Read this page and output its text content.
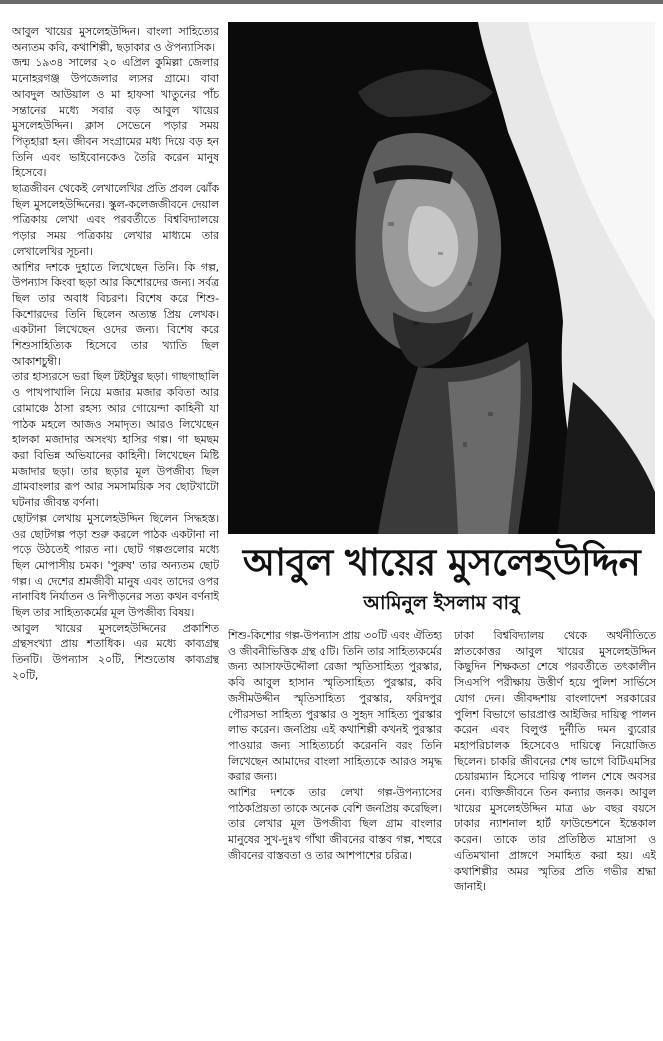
আবুল খায়ের মুসলেহউদ্দিন। বাংলা সাহিত্যের অন্যতম কবি, কথাশিল্পী, ছড়াকার ও ঔপন্যাসিক।

জন্ম ১৯৩৪ সালের ২০ এপ্রিল কুমিল্লা জেলার মনোহরগঞ্জ উপজেলার ল্যসর গ্রামে। বাবা আবদুল আউয়াল ও মা হাফসা খাতুনের পাঁচ সন্তানের মধ্যে সবার বড় আবুল খায়ের মুসলেহউদ্দিন। ক্লাস সেভেনে পড়ার সময় পিতৃহারা হন। জীবন সংগ্রামের মধ্য দিয়ে বড় হন তিনি এবং ভাইবোনকেও তৈরি করেন মানুষ হিসেবে।

ছাত্রজীবন থেকেই লেখালেখির প্রতি প্রবল ঝোঁক ছিল মুসলেহউদ্দিনের। স্কুল-কলেজজীবনে দেয়াল পত্রিকায় লেখা এবং পরবর্তীতে বিশ্ববিদ্যালয়ে পড়ার সময় পত্রিকায় লেখার মাধ্যমে তার লেখালেখির সূচনা।

আশির দশকে দুহাতে লিখেছেন তিনি। কি গল্প, উপন্যাস কিংবা ছড়া আর কিশোরদের জন্য। সর্বত্র ছিল তার অবাধ বিচরণ। বিশেষ করে শিশু-কিশোরদের তিনি ছিলেন অত্যন্ত প্রিয় লেখক। একটানা লিখেছেন ওদের জন্য। বিশেষ করে শিশুসাহিত্যিক হিসেবে তার খ্যাতি ছিল আকাশচুম্বী।

তার হাস্যরসে ভরা ছিল টইটম্বুর ছড়া। গাছগাছালি ও পাখপাখালি নিয়ে মজার মজার কবিতা আর রোমাঞ্চে ঠাসা রহস্য আর গোয়েন্দা কাহিনী যা পাঠক মহলে আজও সমাদৃত। আরও লিখেছেন হালকা মজাদার অসংখ্য হাসির গল্প। গা ছমছম করা বিভিন্ন অভিযানের কাহিনী। লিখেছেন মিষ্টি মজাদার ছড়া। তার ছড়ার মূল উপজীব্য ছিল গ্রামবাংলার রূপ আর সমসাময়িক সব ছোটখাটো ঘটনার জীবন্ত বর্ণনা।

ছোটগল্প লেখায় মুসলেহউদ্দিন ছিলেন সিদ্ধহস্ত। ওর ছোটগল্প পড়া শুরু করলে পাঠক একটানা না পড়ে উঠতেই পারত না। ছোট গল্পগুলোর মধ্যে ছিল মোপাসীয় চমক। 'পুরুষ' তার অন্যতম ছোট গল্প। এ দেশের শ্রমজীবী মানুষ এবং তাদের ওপর নানাবিধ নির্যাতন ও নিপীড়নের সত্য কথন বর্ণনাই ছিল তার সাহিত্যকর্মের মূল উপজীব্য বিষয়।

আবুল খায়ের মুসলেহউদ্দিনের প্রকাশিত গ্রন্থসংখ্যা প্রায় শতাধিক। এর মধ্যে কাব্যগ্রন্থ তিনটি। উপন্যাস ২০টি, শিশুতোষ কাব্যগ্রন্থ ২০টি,

আবুল খায়ের মুসলেহউদ্দিন
আমিনুল ইসলাম বাবু

শিশু-কিশোর গল্প-উপন্যাস প্রায় ৩০টি এবং ঐতিহ্য ও জীবনীভিত্তিক গ্রন্থ ৫টি। তিনি তার সাহিত্যকর্মের জন্য আসাফউদ্দৌলা রেজা স্মৃতিসাহিত্য পুরস্কার, কবি আবুল হাসান স্মৃতিসাহিত্য পুরস্কার, কবি জসীমউদ্দীন স্মৃতিসাহিত্য পুরস্কার, ফরিদপুর পৌরসভা সাহিত্য পুরস্কার ও সুহৃদ সাহিত্য পুরস্কার লাভ করেন। জনপ্রিয় এই কথাশিল্পী কখনই পুরস্কার পাওয়ার জন্য সাহিত্যচর্চা করেননি বরং তিনি লিখেছেন আমাদের বাংলা সাহিত্যকে আরও সমৃদ্ধ করার জন্য।

আশির দশকে তার লেখা গল্প-উপন্যাসের পাঠকপ্রিয়তা তাকে অনেক বেশি জনপ্রিয় করেছিল। তার লেখার মূল উপজীব্য ছিল গ্রাম বাংলার মানুষের সুখ-দুঃখ গাঁথা জীবনের বাস্তব গল্প, শহুরে জীবনের বাস্তবতা ও তার আশপাশের চরিত্র।

ঢাকা বিশ্ববিদ্যালয় থেকে অর্থনীতিতে স্নাতকোত্তর আবুল খায়ের মুসলেহউদ্দিন কিছুদিন শিক্ষকতা শেষে পরবর্তীতে তৎকালীন সিএসপি পরীক্ষায় উত্তীর্ণ হয়ে পুলিশ সার্ভিসে যোগ দেন। জীবদ্দশায় বাংলাদেশ সরকারের পুলিশ বিভাগে ভারপ্রাপ্ত আইজির দায়িত্ব পালন করেন এবং বিলুপ্ত দুর্নীতি দমন ব্যুরোর মহাপরিচালক হিসেবেও দায়িত্বে নিয়োজিত ছিলেন। চাকরি জীবনের শেষ ভাগে বিটিএমসির চেয়ারম্যান হিসেবে দায়িত্ব পালন শেষে অবসর নেন। ব্যক্তিজীবনে তিন কন্যার জনক। আবুল খায়ের মুসলেহউদ্দিন মাত্র ৬৮ বছর বয়সে ঢাকার ন্যাশনাল হার্ট ফাউন্ডেশনে ইন্তেকাল করেন। তাকে তার প্রতিষ্ঠিত মাদ্রাসা ও এতিমখানা প্রাঙ্গণে সমাহিত করা হয়। এই কথাশিল্পীর অমর স্মৃতির প্রতি গভীর শ্রদ্ধা জানাই।
